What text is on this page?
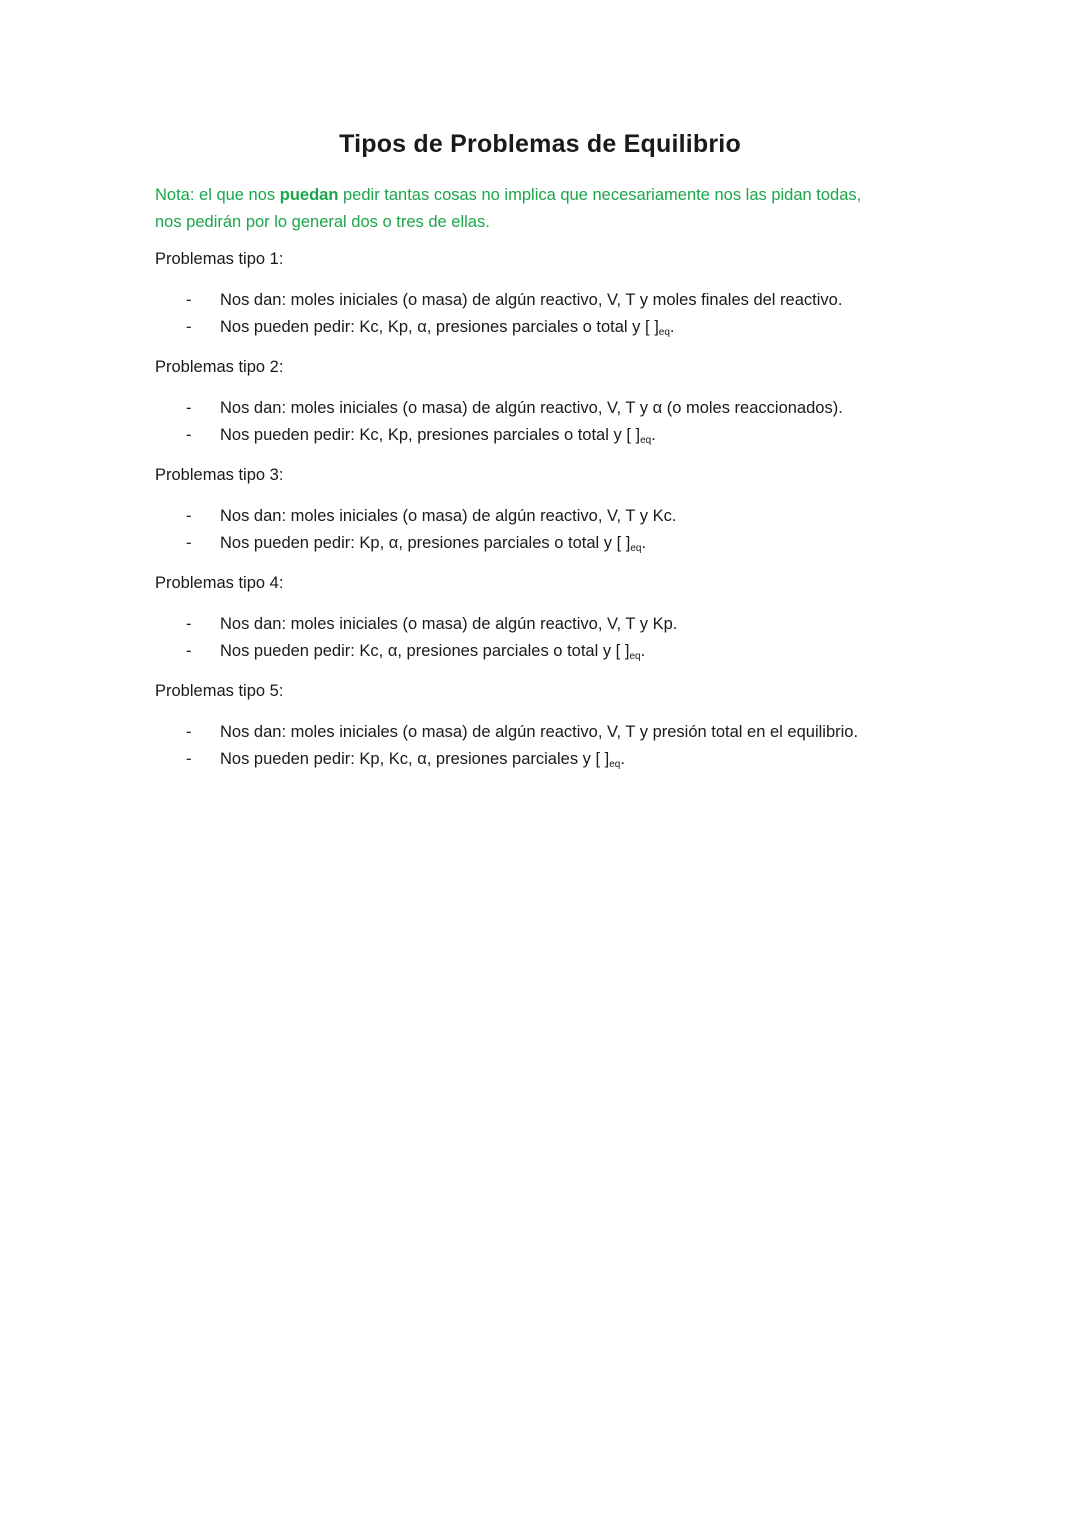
Tipos de Problemas de Equilibrio
Nota: el que nos puedan pedir tantas cosas no implica que necesariamente nos las pidan todas,
nos pedirán por lo general dos o tres de ellas.
Problemas tipo 1:
- Nos dan: moles iniciales (o masa) de algún reactivo, V, T y moles finales del reactivo.
- Nos pueden pedir: Kc, Kp, α, presiones parciales o total y [ ]$_{eq}$.
Problemas tipo 2:
- Nos dan: moles iniciales (o masa) de algún reactivo, V, T y α (o moles reaccionados).
- Nos pueden pedir: Kc, Kp, presiones parciales o total y [ ]$_{eq}$.
Problemas tipo 3:
- Nos dan: moles iniciales (o masa) de algún reactivo, V, T y Kc.
- Nos pueden pedir: Kp, α, presiones parciales o total y [ ]$_{eq}$.
Problemas tipo 4:
- Nos dan: moles iniciales (o masa) de algún reactivo, V, T y Kp.
- Nos pueden pedir: Kc, α, presiones parciales o total y [ ]$_{eq}$.
Problemas tipo 5:
- Nos dan: moles iniciales (o masa) de algún reactivo, V, T y presión total en el equilibrio.
- Nos pueden pedir: Kp, Kc, α, presiones parciales y [ ]$_{eq}$.
